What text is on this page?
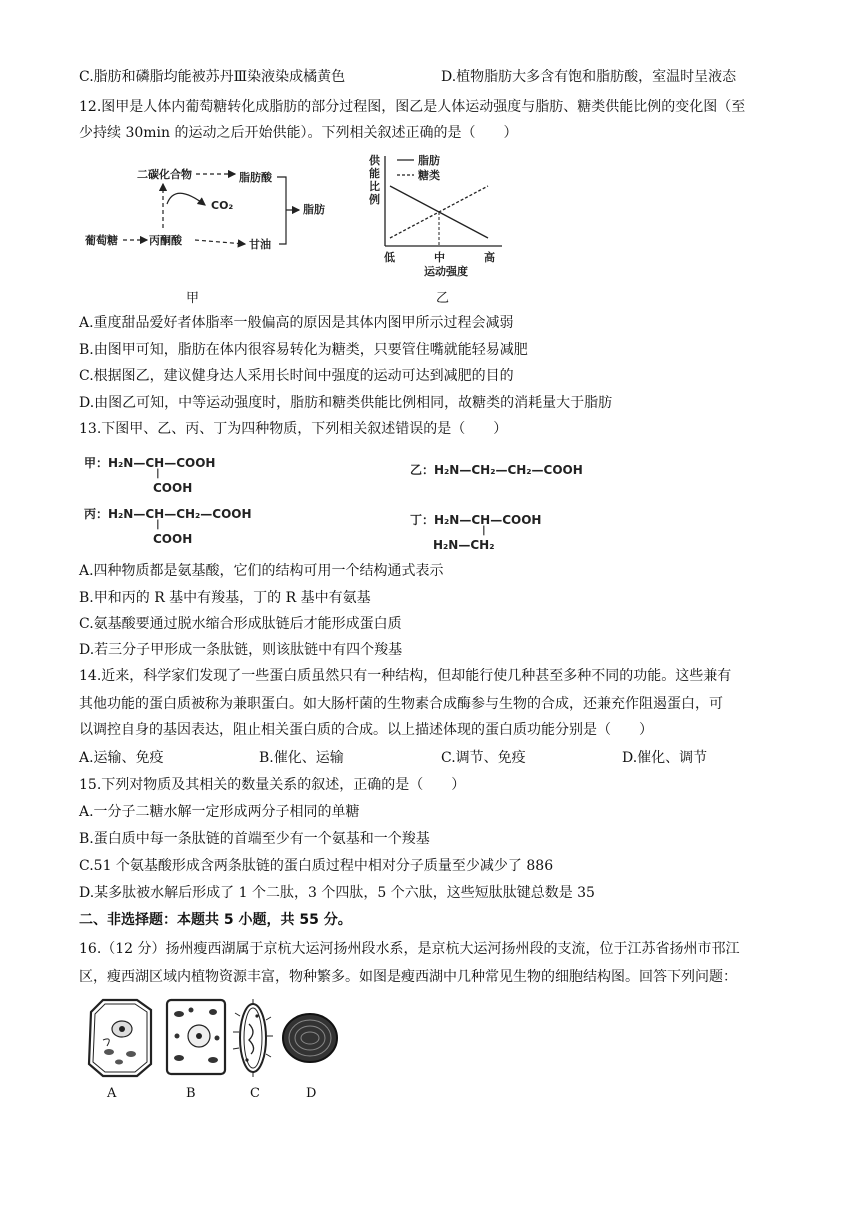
C.脂肪和磷脂均能被苏丹Ⅲ染液染成橘黄色	D.植物脂肪大多含有饱和脂肪酸，室温时呈液态
12.图甲是人体内葡萄糖转化成脂肪的部分过程图，图乙是人体运动强度与脂肪、糖类供能比例的变化图（至
少持续 30min 的运动之后开始供能）。下列相关叙述正确的是（　　）
二碳化合物	脂肪酸
CO₂	脂肪
葡萄糖	丙酮酸	甘油
供
能
比
例
脂肪
糖类
低	中	高
运动强度
甲	乙
A.重度甜品爱好者体脂率一般偏高的原因是其体内图甲所示过程会减弱
B.由图甲可知，脂肪在体内很容易转化为糖类，只要管住嘴就能轻易减肥
C.根据图乙，建议健身达人采用长时间中强度的运动可达到减肥的目的
D.由图乙可知，中等运动强度时，脂肪和糖类供能比例相同，故糖类的消耗量大于脂肪
13.下图甲、乙、丙、丁为四种物质，下列相关叙述错误的是（　　）
甲：H₂N—CH—COOH
|
COOH
乙：H₂N—CH₂—CH₂—COOH
丙：H₂N—CH—CH₂—COOH
|
COOH
丁：H₂N—CH—COOH
|
H₂N—CH₂
A.四种物质都是氨基酸，它们的结构可用一个结构通式表示
B.甲和丙的 R 基中有羧基，丁的 R 基中有氨基
C.氨基酸要通过脱水缩合形成肽链后才能形成蛋白质
D.若三分子甲形成一条肽链，则该肽链中有四个羧基
14.近来，科学家们发现了一些蛋白质虽然只有一种结构，但却能行使几种甚至多种不同的功能。这些兼有
其他功能的蛋白质被称为兼职蛋白。如大肠杆菌的生物素合成酶参与生物的合成，还兼充作阻遏蛋白，可
以调控自身的基因表达，阻止相关蛋白质的合成。以上描述体现的蛋白质功能分别是（　　）
A.运输、免疫	B.催化、运输	C.调节、免疫	D.催化、调节
15.下列对物质及其相关的数量关系的叙述，正确的是（　　）
A.一分子二糖水解一定形成两分子相同的单糖
B.蛋白质中每一条肽链的首端至少有一个氨基和一个羧基
C.51 个氨基酸形成含两条肽链的蛋白质过程中相对分子质量至少减少了 886
D.某多肽被水解后形成了 1 个二肽，3 个四肽，5 个六肽，这些短肽肽键总数是 35
二、非选择题：本题共 5 小题，共 55 分。
16.（12 分）扬州瘦西湖属于京杭大运河扬州段水系，是京杭大运河扬州段的支流，位于江苏省扬州市邗江
区，瘦西湖区域内植物资源丰富，物种繁多。如图是瘦西湖中几种常见生物的细胞结构图。回答下列问题：
A	B	C	D
